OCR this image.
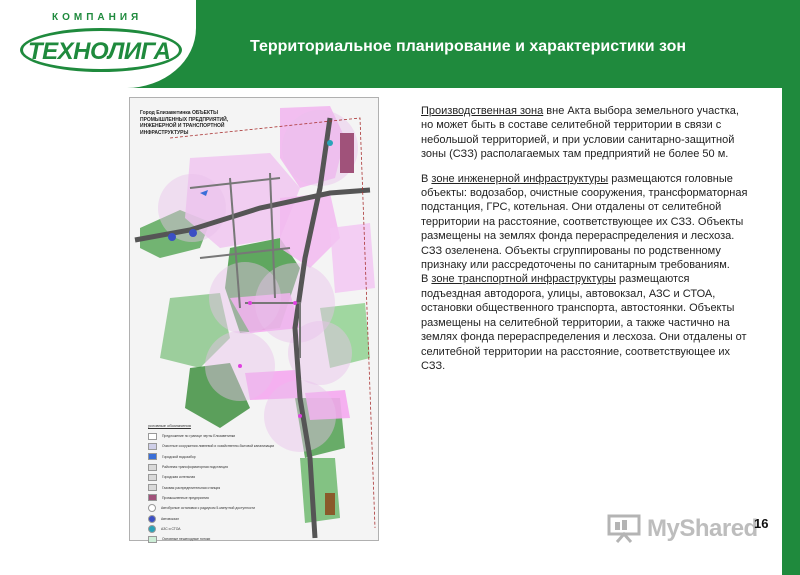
КОМПАНИЯ
ТЕХНОЛИГА	Территориальное планирование и характеристики зон
Город Елизаветинка ОБЪЕКТЫ ПРОМЫШЛЕННЫХ ПРЕДПРИЯТИЙ, ИНЖЕНЕРНОЙ И ТРАНСПОРТНОЙ ИНФРАСТРУКТУРЫ
условные обозначения
Предложение по границе черты Елизаветинки
Очистные сооружения ливневой и хозяйственно-бытовой канализации
Городской водозабор
Районная трансформаторная подстанция
Городская котельная
Газовая распределительная станция
Промышленные предприятия
Автобусные остановки с радиусом 5-минутной доступности
Автовокзал
АЗС и СТОА
Основные пешеходные потоки

Производственная зона вне Акта выбора земельного участка, но может быть в составе селитебной территории в связи с небольшой территорией, и при условии санитарно-защитной зоны (СЗЗ) располагаемых там предприятий не более 50 м.

В зоне инженерной инфраструктуры размещаются головные объекты: водозабор, очистные сооружения, трансформаторная подстанция, ГРС, котельная. Они отдалены от селитебной территории на расстояние, соответствующее их СЗЗ. Объекты размещены на землях фонда перераспределения и лесхоза. СЗЗ озеленена. Объекты сгруппированы по родственному признаку или рассредоточены по санитарным требованиям.

В зоне транспортной инфраструктуры размещаются подъездная автодорога, улицы, автовокзал, АЗС и СТОА, остановки общественного транспорта, автостоянки. Объекты размещены на селитебной территории, а также частично на землях фонда перераспределения и лесхоза. Они отдалены от селитебной территории на расстояние, соответствующее их СЗЗ.

MyShared
16
